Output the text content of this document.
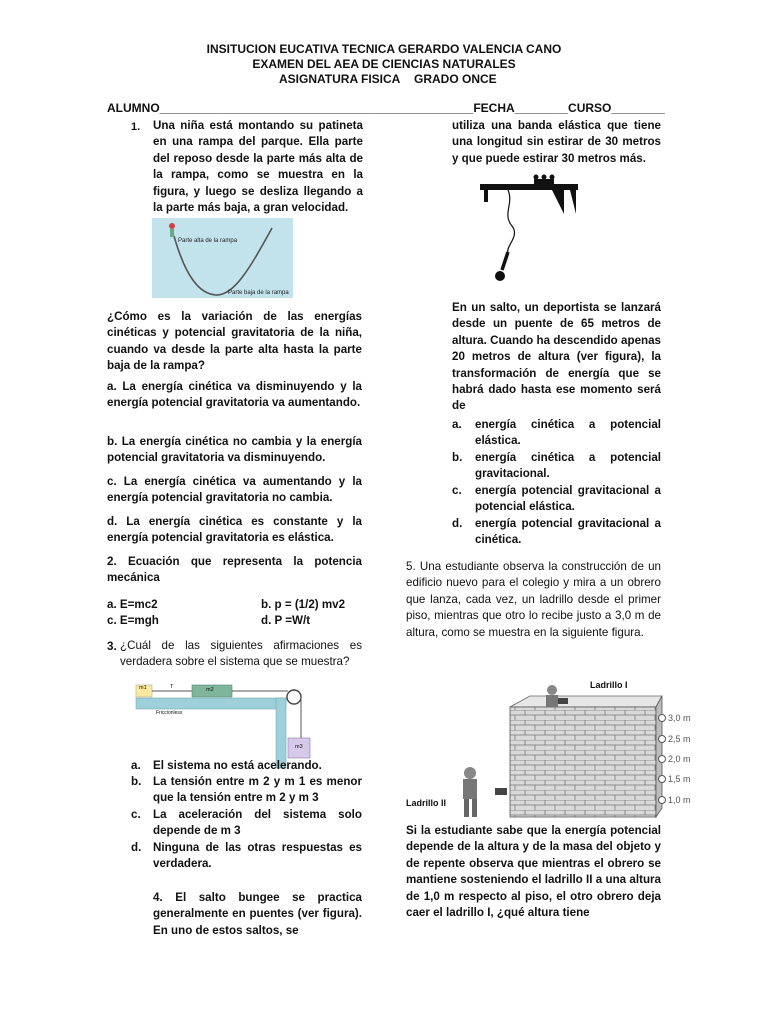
INSITUCION EUCATIVA TECNICA GERARDO VALENCIA CANO
EXAMEN DEL AEA DE CIENCIAS NATURALES
ASIGNATURA FISICA GRADO ONCE
ALUMNO_______________________________________________FECHA________CURSO________
1. Una niña está montando su patineta en una rampa del parque. Ella parte del reposo desde la parte más alta de la rampa, como se muestra en la figura, y luego se desliza llegando a la parte más baja, a gran velocidad.
Parte alta de la rampa
Parte baja de la rampa
¿Cómo es la variación de las energías cinéticas y potencial gravitatoria de la niña, cuando va desde la parte alta hasta la parte baja de la rampa?
a. La energía cinética va disminuyendo y la energía potencial gravitatoria va aumentando.
b. La energía cinética no cambia y la energía potencial gravitatoria va disminuyendo.
c. La energía cinética va aumentando y la energía potencial gravitatoria no cambia.
d. La energía cinética es constante y la energía potencial gravitatoria es elástica.
2. Ecuación que representa la potencia mecánica
a. E=mc2	b. p = (1/2) mv2
c. E=mgh	d. P =W/t
3. ¿Cuál de las siguientes afirmaciones es verdadera sobre el sistema que se muestra?
m1	m2
m3
T
Friccionless
a. El sistema no está acelerando.
b. La tensión entre m 2 y m 1 es menor que la tensión entre m 2 y m 3
c. La aceleración del sistema solo depende de m 3
d. Ninguna de las otras respuestas es verdadera.
4. El salto bungee se practica generalmente en puentes (ver figura). En uno de estos saltos, se
utiliza una banda elástica que tiene una longitud sin estirar de 30 metros y que puede estirar 30 metros más.
En un salto, un deportista se lanzará desde un puente de 65 metros de altura. Cuando ha descendido apenas 20 metros de altura (ver figura), la transformación de energía que se habrá dado hasta ese momento será de
a. energía cinética a potencial elástica.
b. energía cinética a potencial gravitacional.
c. energía potencial gravitacional a potencial elástica.
d. energía potencial gravitacional a cinética.
5. Una estudiante observa la construcción de un edificio nuevo para el colegio y mira a un obrero que lanza, cada vez, un ladrillo desde el primer piso, mientras que otro lo recibe justo a 3,0 m de altura, como se muestra en la siguiente figura.
Ladrillo I
Ladrillo II
3,0 m
2,5 m
2,0 m
1,5 m
1,0 m
Si la estudiante sabe que la energía potencial depende de la altura y de la masa del objeto y de repente observa que mientras el obrero se mantiene sosteniendo el ladrillo II a una altura de 1,0 m respecto al piso, el otro obrero deja caer el ladrillo I, ¿qué altura tiene
